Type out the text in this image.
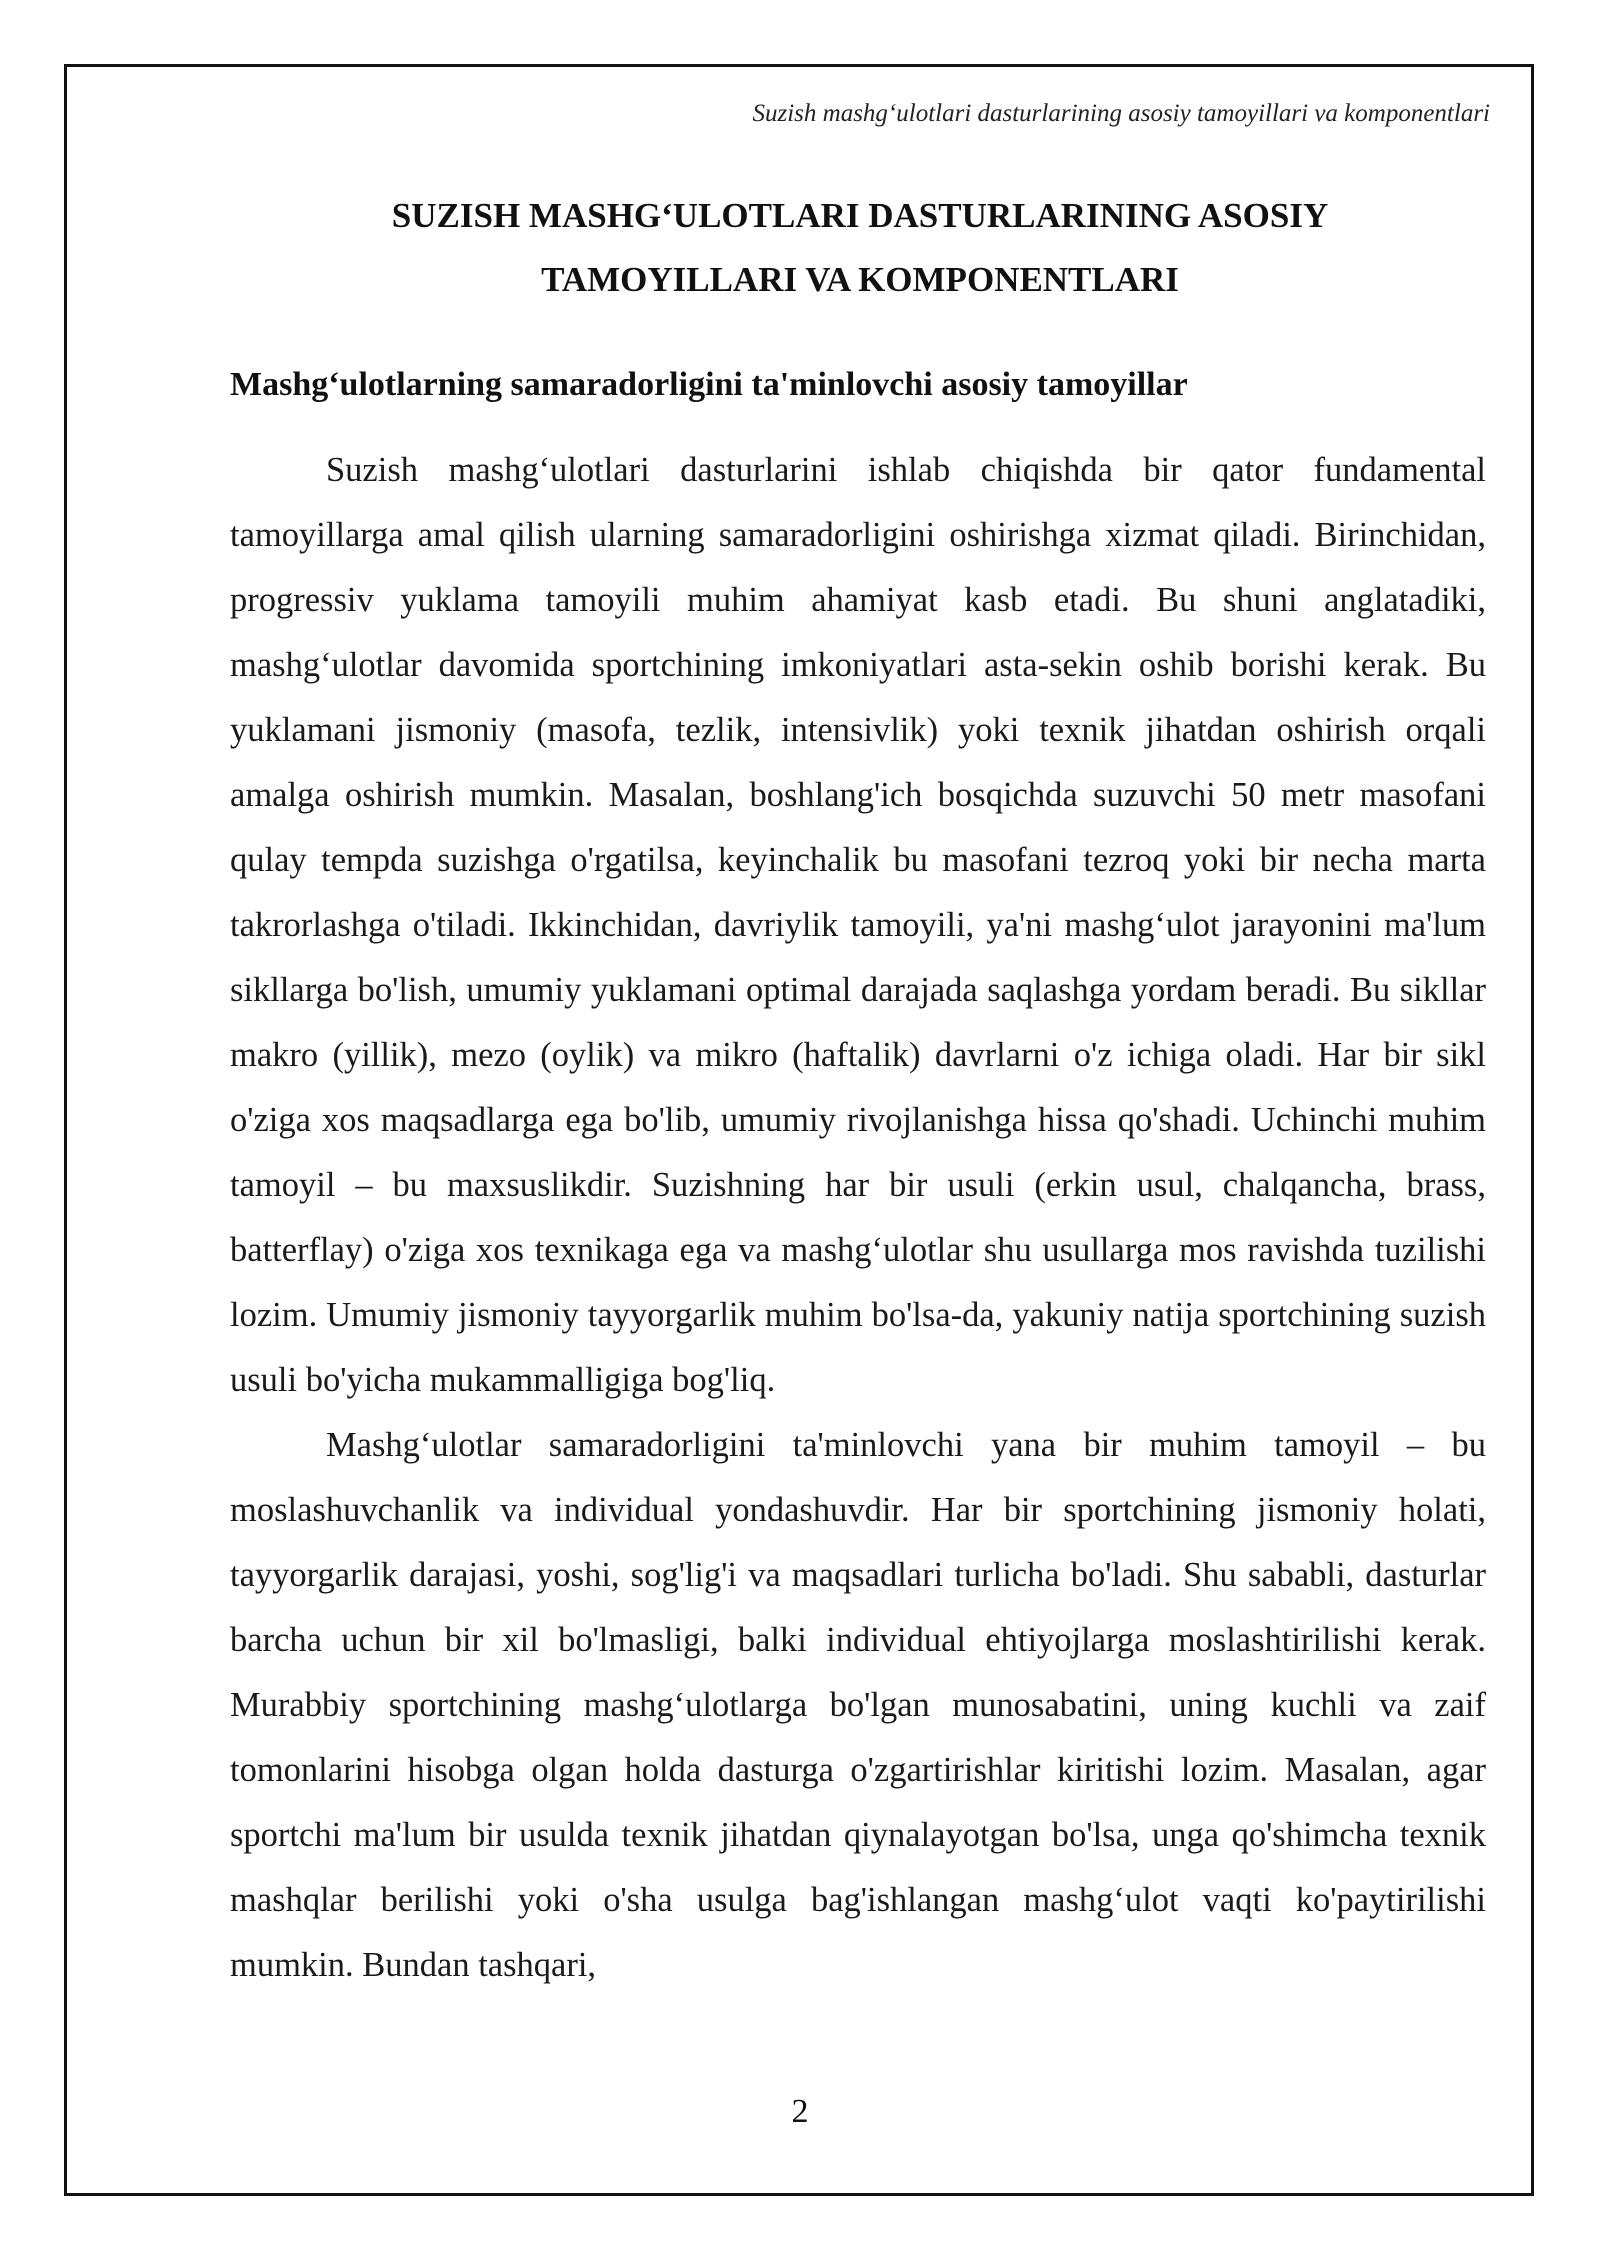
Suzish mashg‘ulotlari dasturlarining asosiy tamoyillari va komponentlari
SUZISH MASHG‘ULOTLARI DASTURLARINING ASOSIY
TAMOYILLARI VA KOMPONENTLARI
Mashg‘ulotlarning samaradorligini ta'minlovchi asosiy tamoyillar

Suzish mashg‘ulotlari dasturlarini ishlab chiqishda bir qator fundamental tamoyillarga amal qilish ularning samaradorligini oshirishga xizmat qiladi. Birinchidan, progressiv yuklama tamoyili muhim ahamiyat kasb etadi. Bu shuni anglatadiki, mashg‘ulotlar davomida sportchining imkoniyatlari asta-sekin oshib borishi kerak. Bu yuklamani jismoniy (masofa, tezlik, intensivlik) yoki texnik jihatdan oshirish orqali amalga oshirish mumkin. Masalan, boshlang'ich bosqichda suzuvchi 50 metr masofani qulay tempda suzishga o'rgatilsa, keyinchalik bu masofani tezroq yoki bir necha marta takrorlashga o'tiladi. Ikkinchidan, davriylik tamoyili, ya'ni mashg‘ulot jarayonini ma'lum sikllarga bo'lish, umumiy yuklamani optimal darajada saqlashga yordam beradi. Bu sikllar makro (yillik), mezo (oylik) va mikro (haftalik) davrlarni o'z ichiga oladi. Har bir sikl o'ziga xos maqsadlarga ega bo'lib, umumiy rivojlanishga hissa qo'shadi. Uchinchi muhim tamoyil – bu maxsuslikdir. Suzishning har bir usuli (erkin usul, chalqancha, brass, batterflay) o'ziga xos texnikaga ega va mashg‘ulotlar shu usullarga mos ravishda tuzilishi lozim. Umumiy jismoniy tayyorgarlik muhim bo'lsa-da, yakuniy natija sportchining suzish usuli bo'yicha mukammalligiga bog'liq.

Mashg‘ulotlar samaradorligini ta'minlovchi yana bir muhim tamoyil – bu moslashuvchanlik va individual yondashuvdir. Har bir sportchining jismoniy holati, tayyorgarlik darajasi, yoshi, sog'lig'i va maqsadlari turlicha bo'ladi. Shu sababli, dasturlar barcha uchun bir xil bo'lmasligi, balki individual ehtiyojlarga moslashtirilishi kerak. Murabbiy sportchining mashg‘ulotlarga bo'lgan munosabatini, uning kuchli va zaif tomonlarini hisobga olgan holda dasturga o'zgartirishlar kiritishi lozim. Masalan, agar sportchi ma'lum bir usulda texnik jihatdan qiynalayotgan bo'lsa, unga qo'shimcha texnik mashqlar berilishi yoki o'sha usulga bag'ishlangan mashg‘ulot vaqti ko'paytirilishi mumkin. Bundan tashqari,

2
